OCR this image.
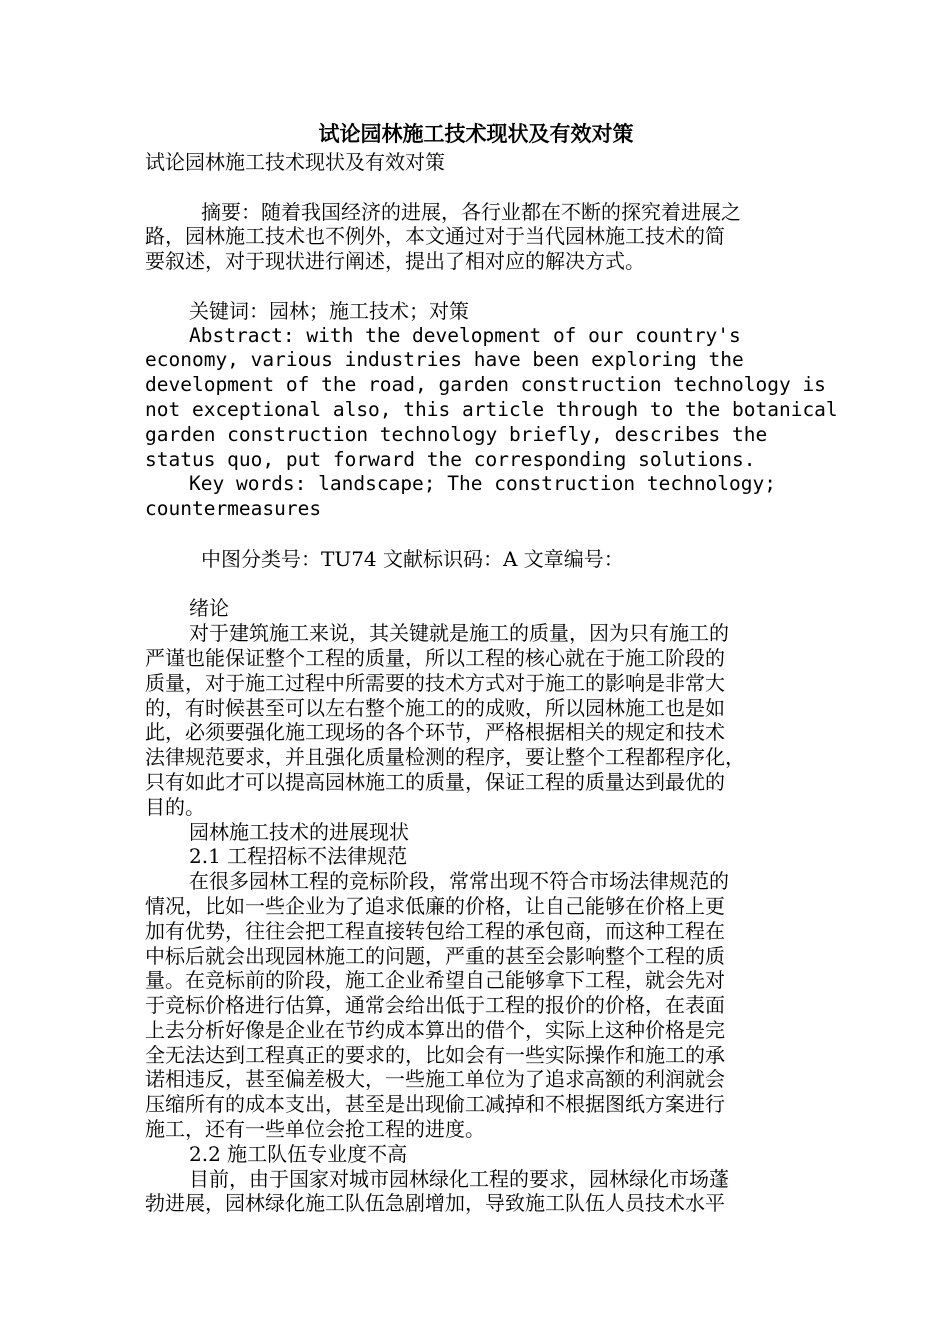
试论园林施工技术现状及有效对策
试论园林施工技术现状及有效对策
摘要：随着我国经济的进展，各行业都在不断的探究着进展之
路，园林施工技术也不例外，本文通过对于当代园林施工技术的简
要叙述，对于现状进行阐述，提出了相对应的解决方式。
关键词：园林；施工技术；对策
Abstract: with the development of our country's
economy, various industries have been exploring the
development of the road, garden construction technology is
not exceptional also, this article through to the botanical
garden construction technology briefly, describes the
status quo, put forward the corresponding solutions.
Key words: landscape; The construction technology;
countermeasures
中图分类号：TU74 文献标识码：A 文章编号：
绪论
对于建筑施工来说，其关键就是施工的质量，因为只有施工的
严谨也能保证整个工程的质量，所以工程的核心就在于施工阶段的
质量，对于施工过程中所需要的技术方式对于施工的影响是非常大
的，有时候甚至可以左右整个施工的的成败，所以园林施工也是如
此，必须要强化施工现场的各个环节，严格根据相关的规定和技术
法律规范要求，并且强化质量检测的程序，要让整个工程都程序化，
只有如此才可以提高园林施工的质量，保证工程的质量达到最优的
目的。
园林施工技术的进展现状
2.1 工程招标不法律规范
在很多园林工程的竞标阶段，常常出现不符合市场法律规范的
情况，比如一些企业为了追求低廉的价格，让自己能够在价格上更
加有优势，往往会把工程直接转包给工程的承包商，而这种工程在
中标后就会出现园林施工的问题，严重的甚至会影响整个工程的质
量。在竞标前的阶段，施工企业希望自己能够拿下工程，就会先对
于竞标价格进行估算，通常会给出低于工程的报价的价格，在表面
上去分析好像是企业在节约成本算出的借个，实际上这种价格是完
全无法达到工程真正的要求的，比如会有一些实际操作和施工的承
诺相违反，甚至偏差极大，一些施工单位为了追求高额的利润就会
压缩所有的成本支出，甚至是出现偷工减掉和不根据图纸方案进行
施工，还有一些单位会抢工程的进度。
2.2 施工队伍专业度不高
目前，由于国家对城市园林绿化工程的要求，园林绿化市场蓬
勃进展，园林绿化施工队伍急剧增加，导致施工队伍人员技术水平
